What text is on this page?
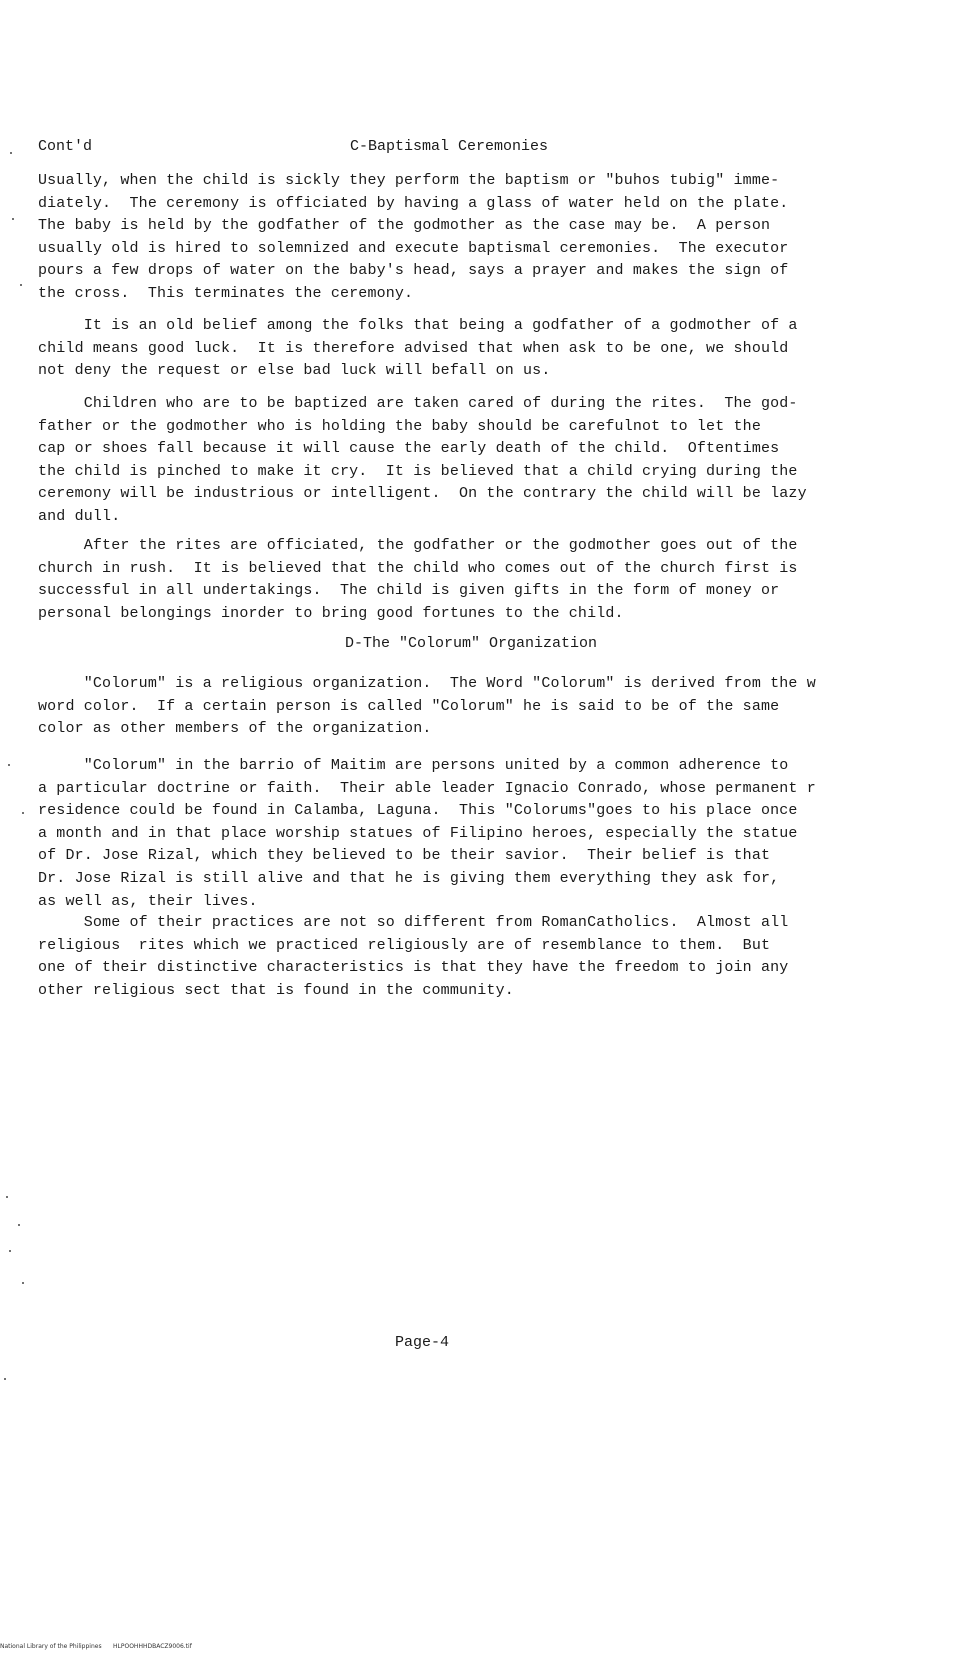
Cont'd	C-Baptismal Ceremonies
Usually, when the child is sickly they perform the baptism or "buhos tubig" imme-
diately.  The ceremony is officiated by having a glass of water held on the plate.
The baby is held by the godfather of the godmother as the case may be.  A person
usually old is hired to solemnized and execute baptismal ceremonies.  The executor
pours a few drops of water on the baby's head, says a prayer and makes the sign of
the cross.  This terminates the ceremony.
It is an old belief among the folks that being a godfather of a godmother of a
child means good luck.  It is therefore advised that when ask to be one, we should
not deny the request or else bad luck will befall on us.
Children who are to be baptized are taken cared of during the rites.  The god-
father or the godmother who is holding the baby should be carefulnot to let the
cap or shoes fall because it will cause the early death of the child.  Oftentimes
the child is pinched to make it cry.  It is believed that a child crying during the
ceremony will be industrious or intelligent.  On the contrary the child will be lazy
and dull.
After the rites are officiated, the godfather or the godmother goes out of the
church in rush.  It is believed that the child who comes out of the church first is
successful in all undertakings.  The child is given gifts in the form of money or
personal belongings inorder to bring good fortunes to the child.
D-The "Colorum" Organization
"Colorum" is a religious organization.  The Word "Colorum" is derived from the w
word color.  If a certain person is called "Colorum" he is said to be of the same
color as other members of the organization.
"Colorum" in the barrio of Maitim are persons united by a common adherence to
a particular doctrine or faith.  Their able leader Ignacio Conrado, whose permanent r
residence could be found in Calamba, Laguna.  This "Colorums"goes to his place once
a month and in that place worship statues of Filipino heroes, especially the statue
of Dr. Jose Rizal, which they believed to be their savior.  Their belief is that
Dr. Jose Rizal is still alive and that he is giving them everything they ask for,
as well as, their lives.
Some of their practices are not so different from RomanCatholics.  Almost all
religious  rites which we practiced religiously are of resemblance to them.  But
one of their distinctive characteristics is that they have the freedom to join any
other religious sect that is found in the community.
Page-4
National Library of the Philippines      HLPOOHHHDBACZ9006.tif
